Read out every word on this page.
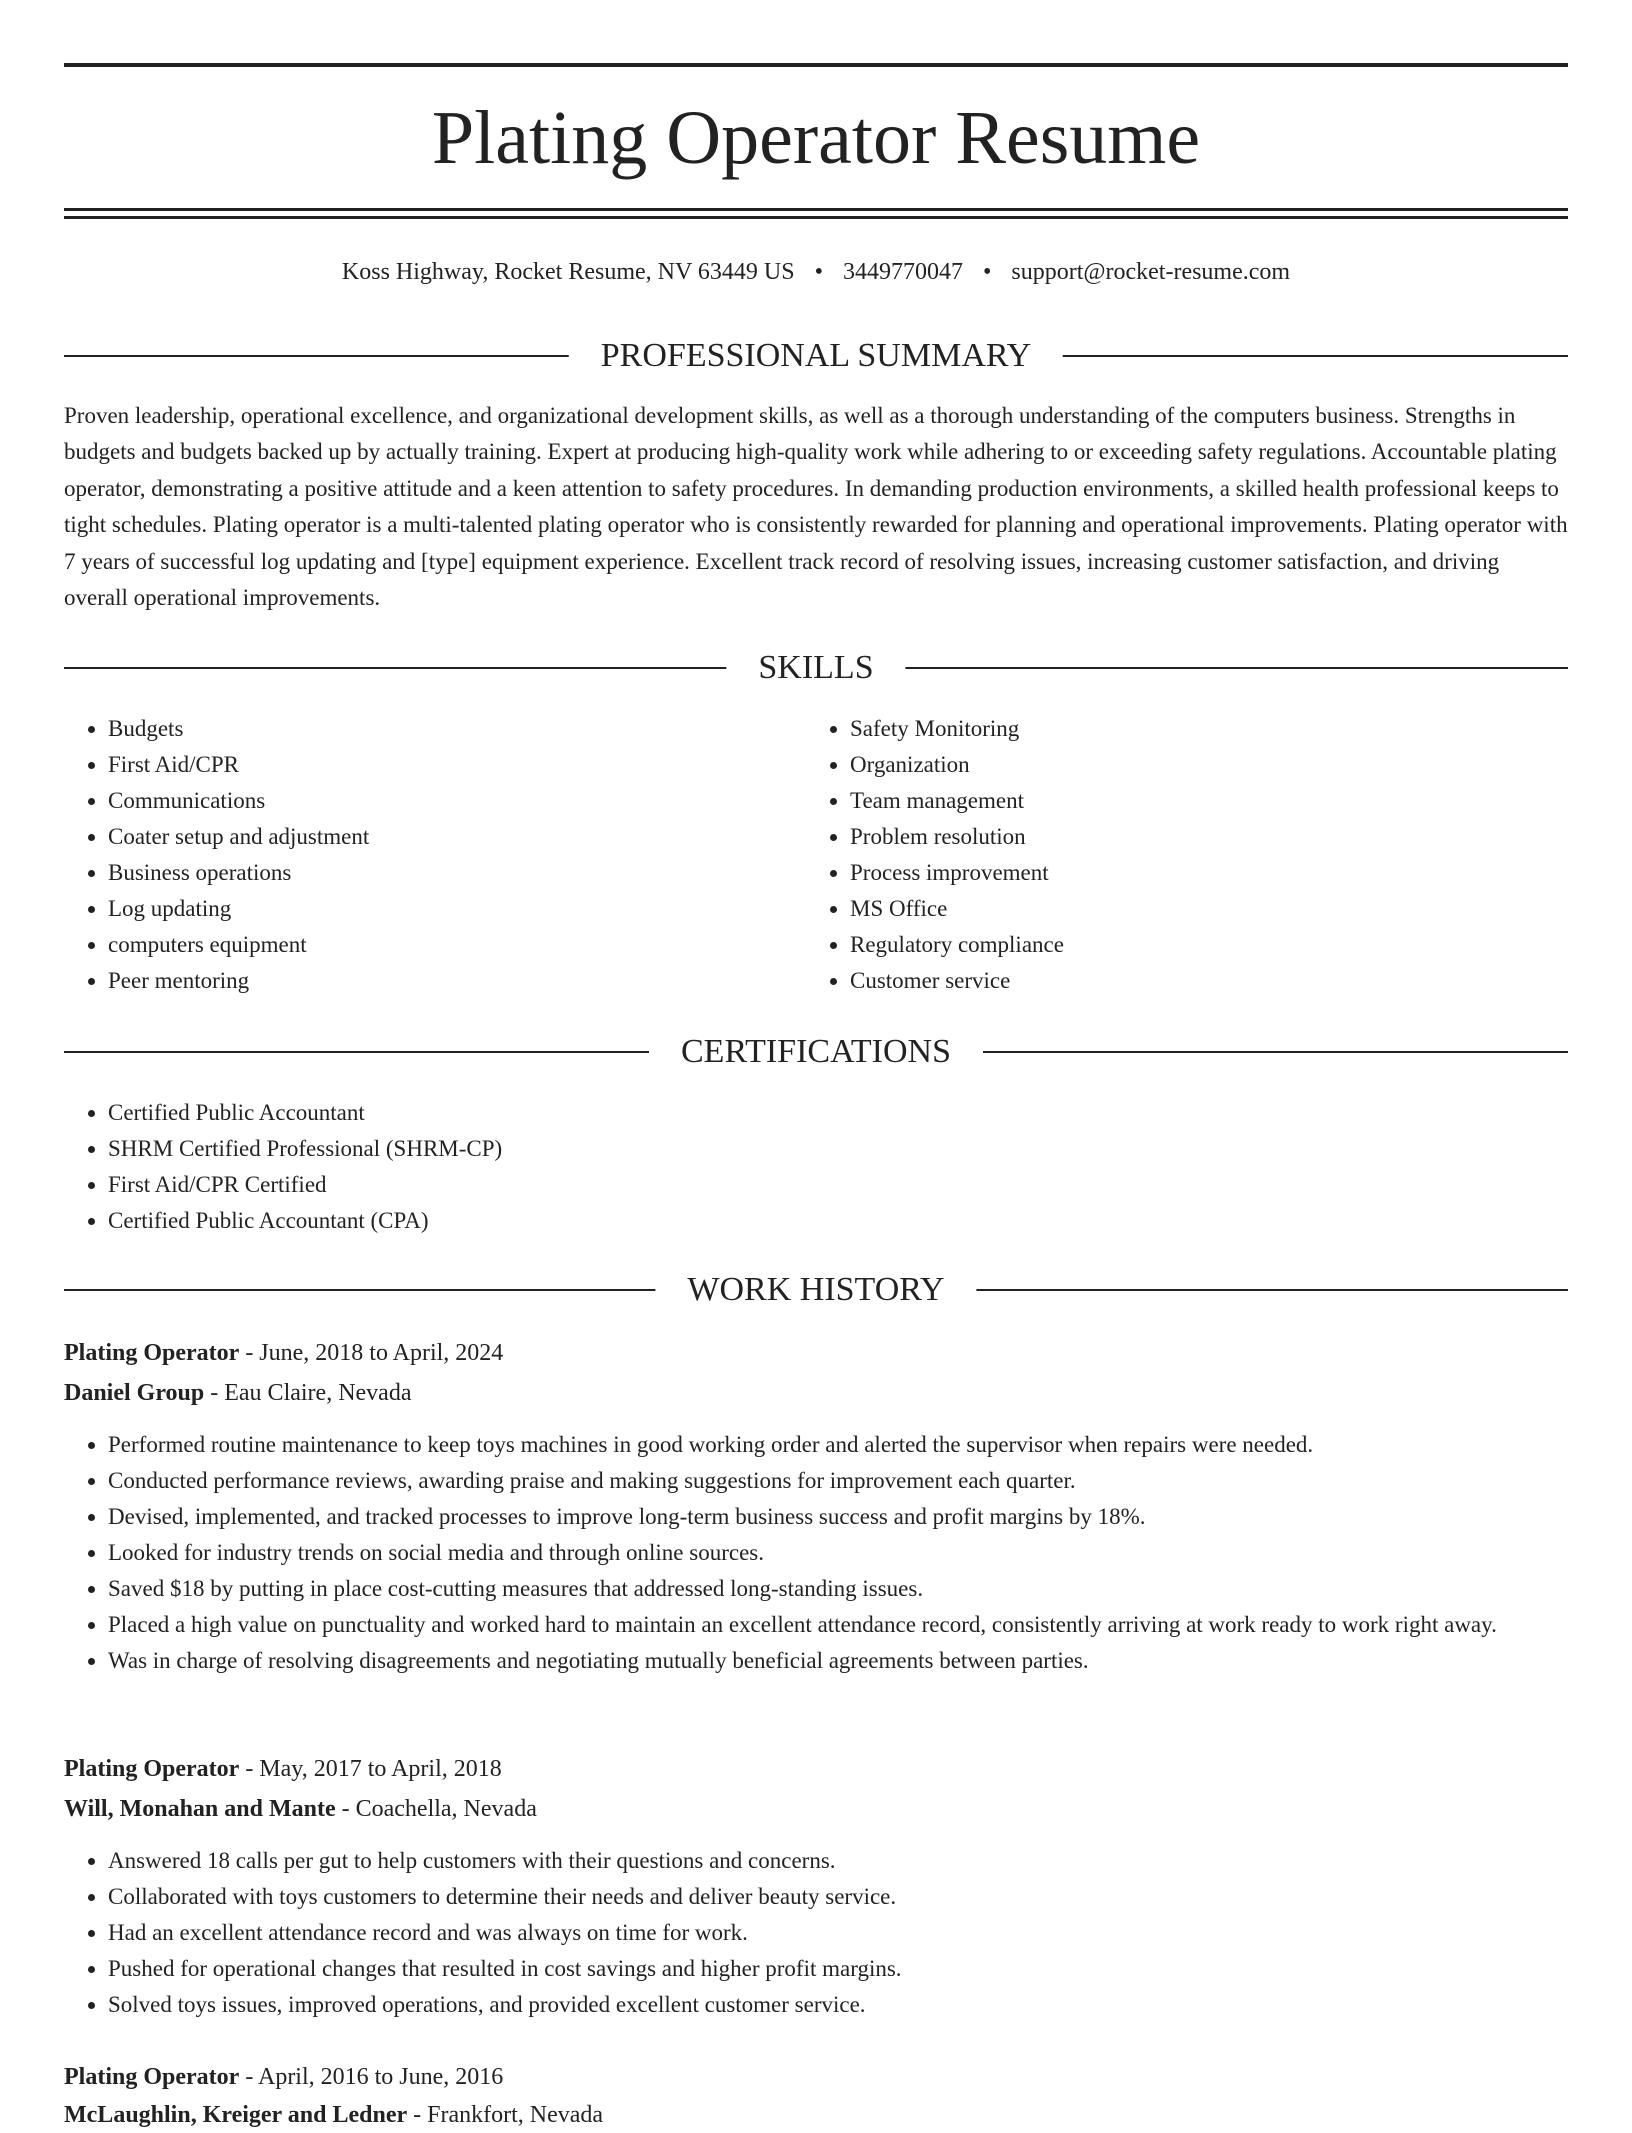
Plating Operator Resume
Koss Highway, Rocket Resume, NV 63449 US • 3449770047 • support@rocket-resume.com
PROFESSIONAL SUMMARY

Proven leadership, operational excellence, and organizational development skills, as well as a thorough understanding of the computers business. Strengths in budgets and budgets backed up by actually training. Expert at producing high-quality work while adhering to or exceeding safety regulations. Accountable plating operator, demonstrating a positive attitude and a keen attention to safety procedures. In demanding production environments, a skilled health professional keeps to tight schedules. Plating operator is a multi-talented plating operator who is consistently rewarded for planning and operational improvements. Plating operator with 7 years of successful log updating and [type] equipment experience. Excellent track record of resolving issues, increasing customer satisfaction, and driving overall operational improvements.

SKILLS
• Budgets
• First Aid/CPR
• Communications
• Coater setup and adjustment
• Business operations
• Log updating
• computers equipment
• Peer mentoring
• Safety Monitoring
• Organization
• Team management
• Problem resolution
• Process improvement
• MS Office
• Regulatory compliance
• Customer service
CERTIFICATIONS
• Certified Public Accountant
• SHRM Certified Professional (SHRM-CP)
• First Aid/CPR Certified
• Certified Public Accountant (CPA)
WORK HISTORY
Plating Operator - June, 2018 to April, 2024
Daniel Group - Eau Claire, Nevada
• Performed routine maintenance to keep toys machines in good working order and alerted the supervisor when repairs were needed.
• Conducted performance reviews, awarding praise and making suggestions for improvement each quarter.
• Devised, implemented, and tracked processes to improve long-term business success and profit margins by 18%.
• Looked for industry trends on social media and through online sources.
• Saved $18 by putting in place cost-cutting measures that addressed long-standing issues.
• Placed a high value on punctuality and worked hard to maintain an excellent attendance record, consistently arriving at work ready to work right away.
• Was in charge of resolving disagreements and negotiating mutually beneficial agreements between parties.
Plating Operator - May, 2017 to April, 2018
Will, Monahan and Mante - Coachella, Nevada
• Answered 18 calls per gut to help customers with their questions and concerns.
• Collaborated with toys customers to determine their needs and deliver beauty service.
• Had an excellent attendance record and was always on time for work.
• Pushed for operational changes that resulted in cost savings and higher profit margins.
• Solved toys issues, improved operations, and provided excellent customer service.
Plating Operator - April, 2016 to June, 2016
McLaughlin, Kreiger and Ledner - Frankfort, Nevada
